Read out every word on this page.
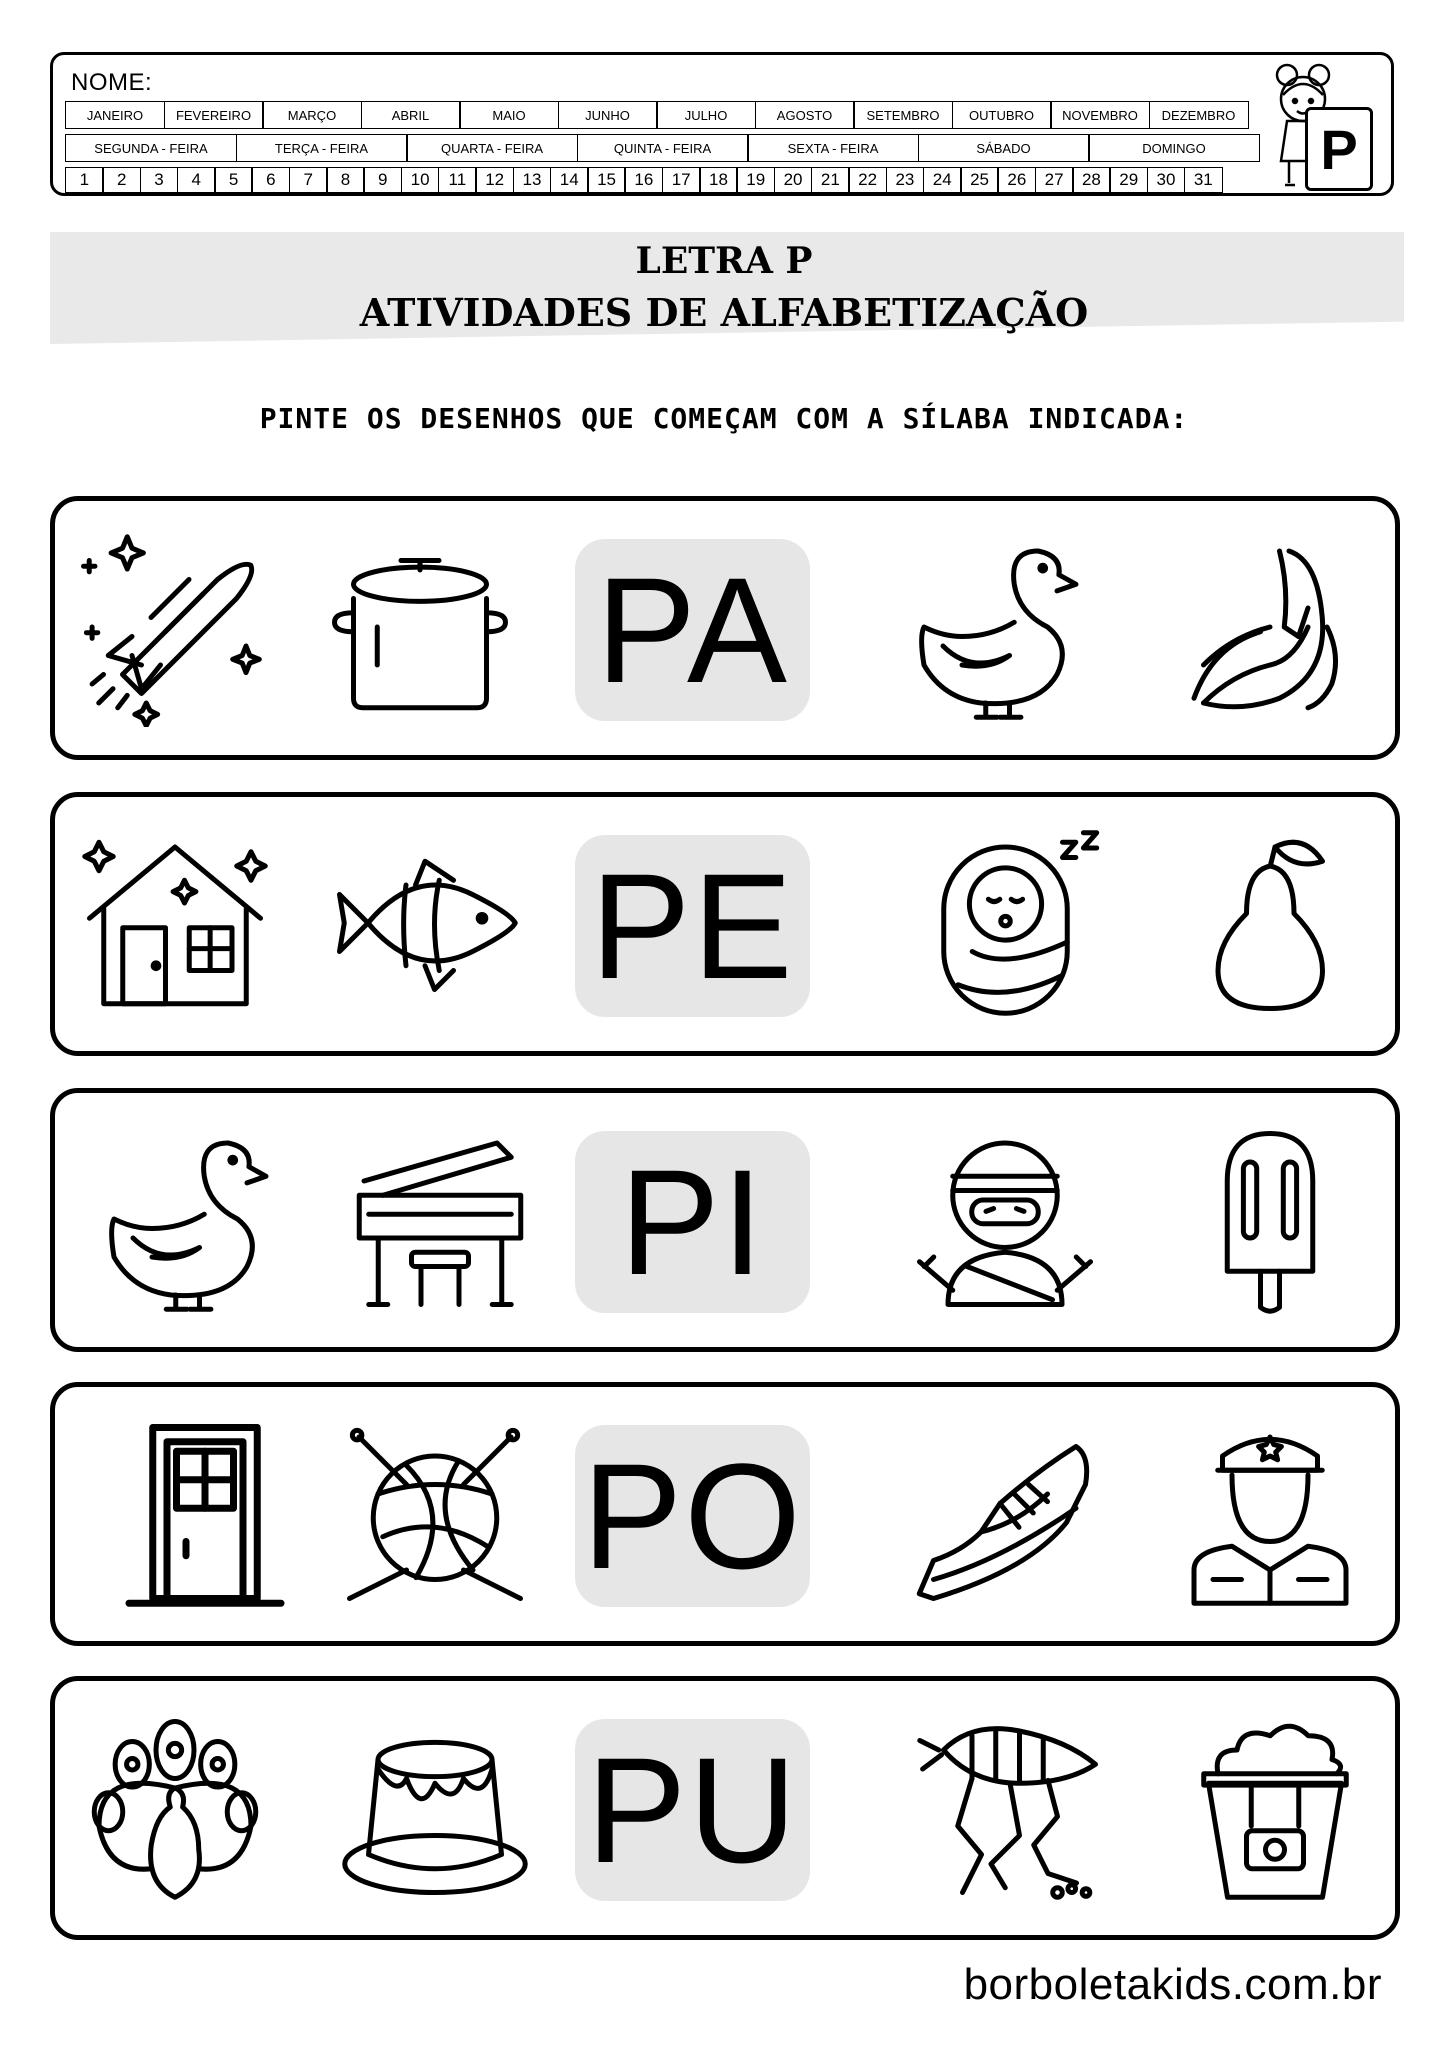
NOME:
JANEIRO	FEVEREIRO	MARÇO	ABRIL	MAIO	JUNHO	JULHO	AGOSTO	SETEMBRO	OUTUBRO	NOVEMBRO	DEZEMBRO
SEGUNDA - FEIRA	TERÇA - FEIRA	QUARTA - FEIRA	QUINTA - FEIRA	SEXTA - FEIRA	SÁBADO	DOMINGO
1	2	3	4	5	6	7	8	9	10	11	12	13	14	15	16	17	18	19	20	21	22	23	24	25	26	27	28	29	30	31 P
LETRA P
ATIVIDADES DE ALFABETIZAÇÃO
PINTE OS DESENHOS QUE COMEÇAM COM A SÍLABA INDICADA:
PA
PE
PI
PO
PU
borboletakids.com.br
